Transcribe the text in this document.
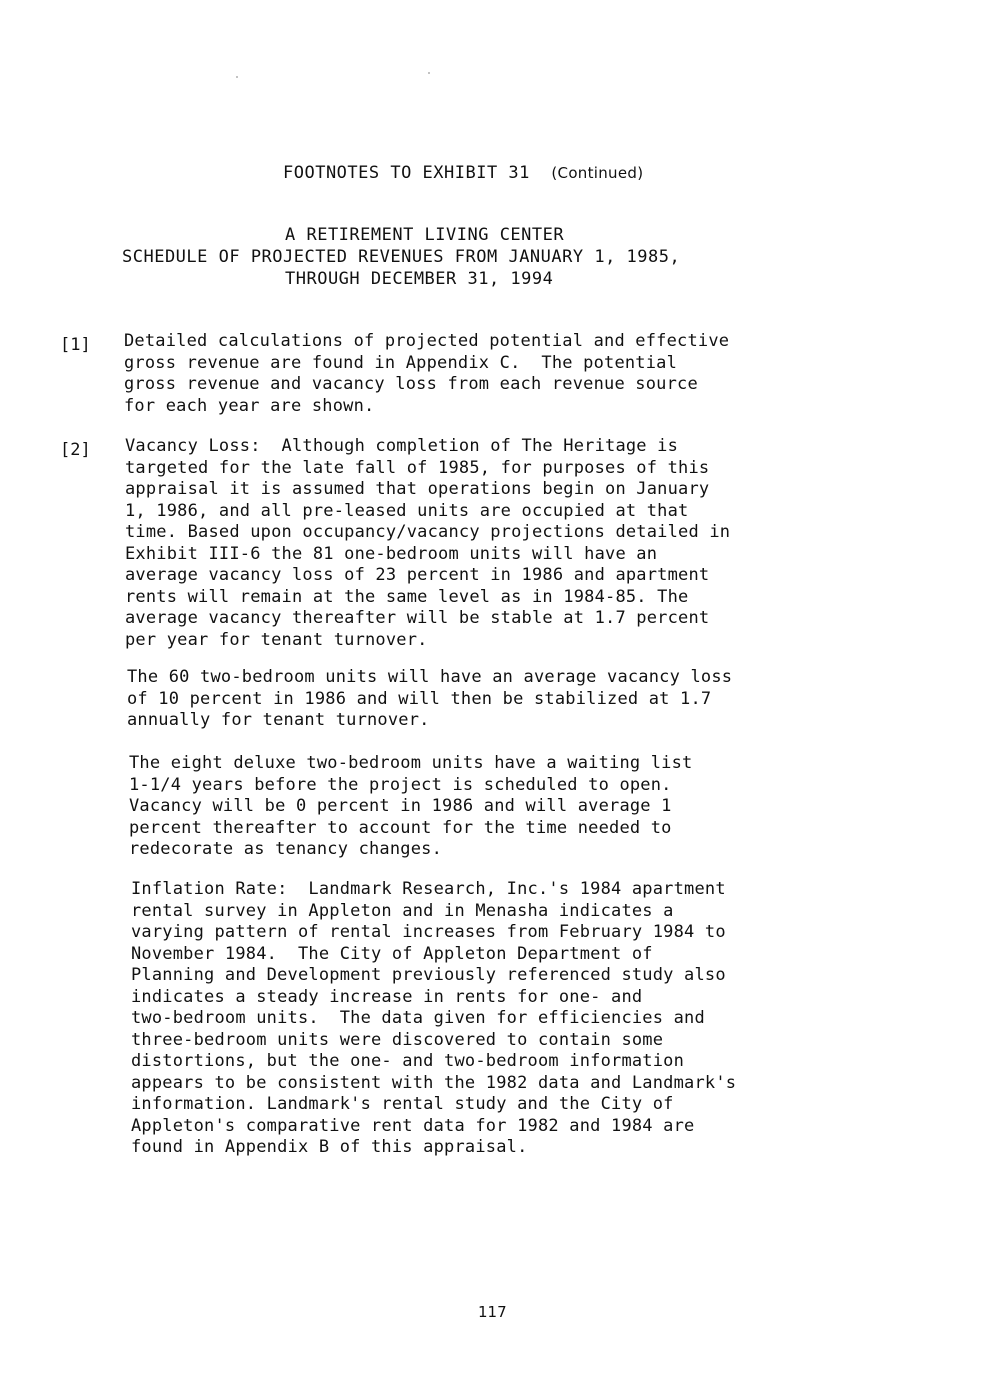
FOOTNOTES TO EXHIBIT 31 (Continued)
A RETIREMENT LIVING CENTER
SCHEDULE OF PROJECTED REVENUES FROM JANUARY 1, 1985,
THROUGH DECEMBER 31, 1994
[1] Detailed calculations of projected potential and effective
gross revenue are found in Appendix C.  The potential
gross revenue and vacancy loss from each revenue source
for each year are shown.

[2] Vacancy Loss:  Although completion of The Heritage is
targeted for the late fall of 1985, for purposes of this
appraisal it is assumed that operations begin on January
1, 1986, and all pre-leased units are occupied at that
time. Based upon occupancy/vacancy projections detailed in
Exhibit III-6 the 81 one-bedroom units will have an
average vacancy loss of 23 percent in 1986 and apartment
rents will remain at the same level as in 1984-85. The
average vacancy thereafter will be stable at 1.7 percent
per year for tenant turnover.

The 60 two-bedroom units will have an average vacancy loss
of 10 percent in 1986 and will then be stabilized at 1.7
annually for tenant turnover.

The eight deluxe two-bedroom units have a waiting list
1-1/4 years before the project is scheduled to open.
Vacancy will be 0 percent in 1986 and will average 1
percent thereafter to account for the time needed to
redecorate as tenancy changes.

Inflation Rate:  Landmark Research, Inc.'s 1984 apartment
rental survey in Appleton and in Menasha indicates a
varying pattern of rental increases from February 1984 to
November 1984.  The City of Appleton Department of
Planning and Development previously referenced study also
indicates a steady increase in rents for one- and
two-bedroom units.  The data given for efficiencies and
three-bedroom units were discovered to contain some
distortions, but the one- and two-bedroom information
appears to be consistent with the 1982 data and Landmark's
information. Landmark's rental study and the City of
Appleton's comparative rent data for 1982 and 1984 are
found in Appendix B of this appraisal.

117
